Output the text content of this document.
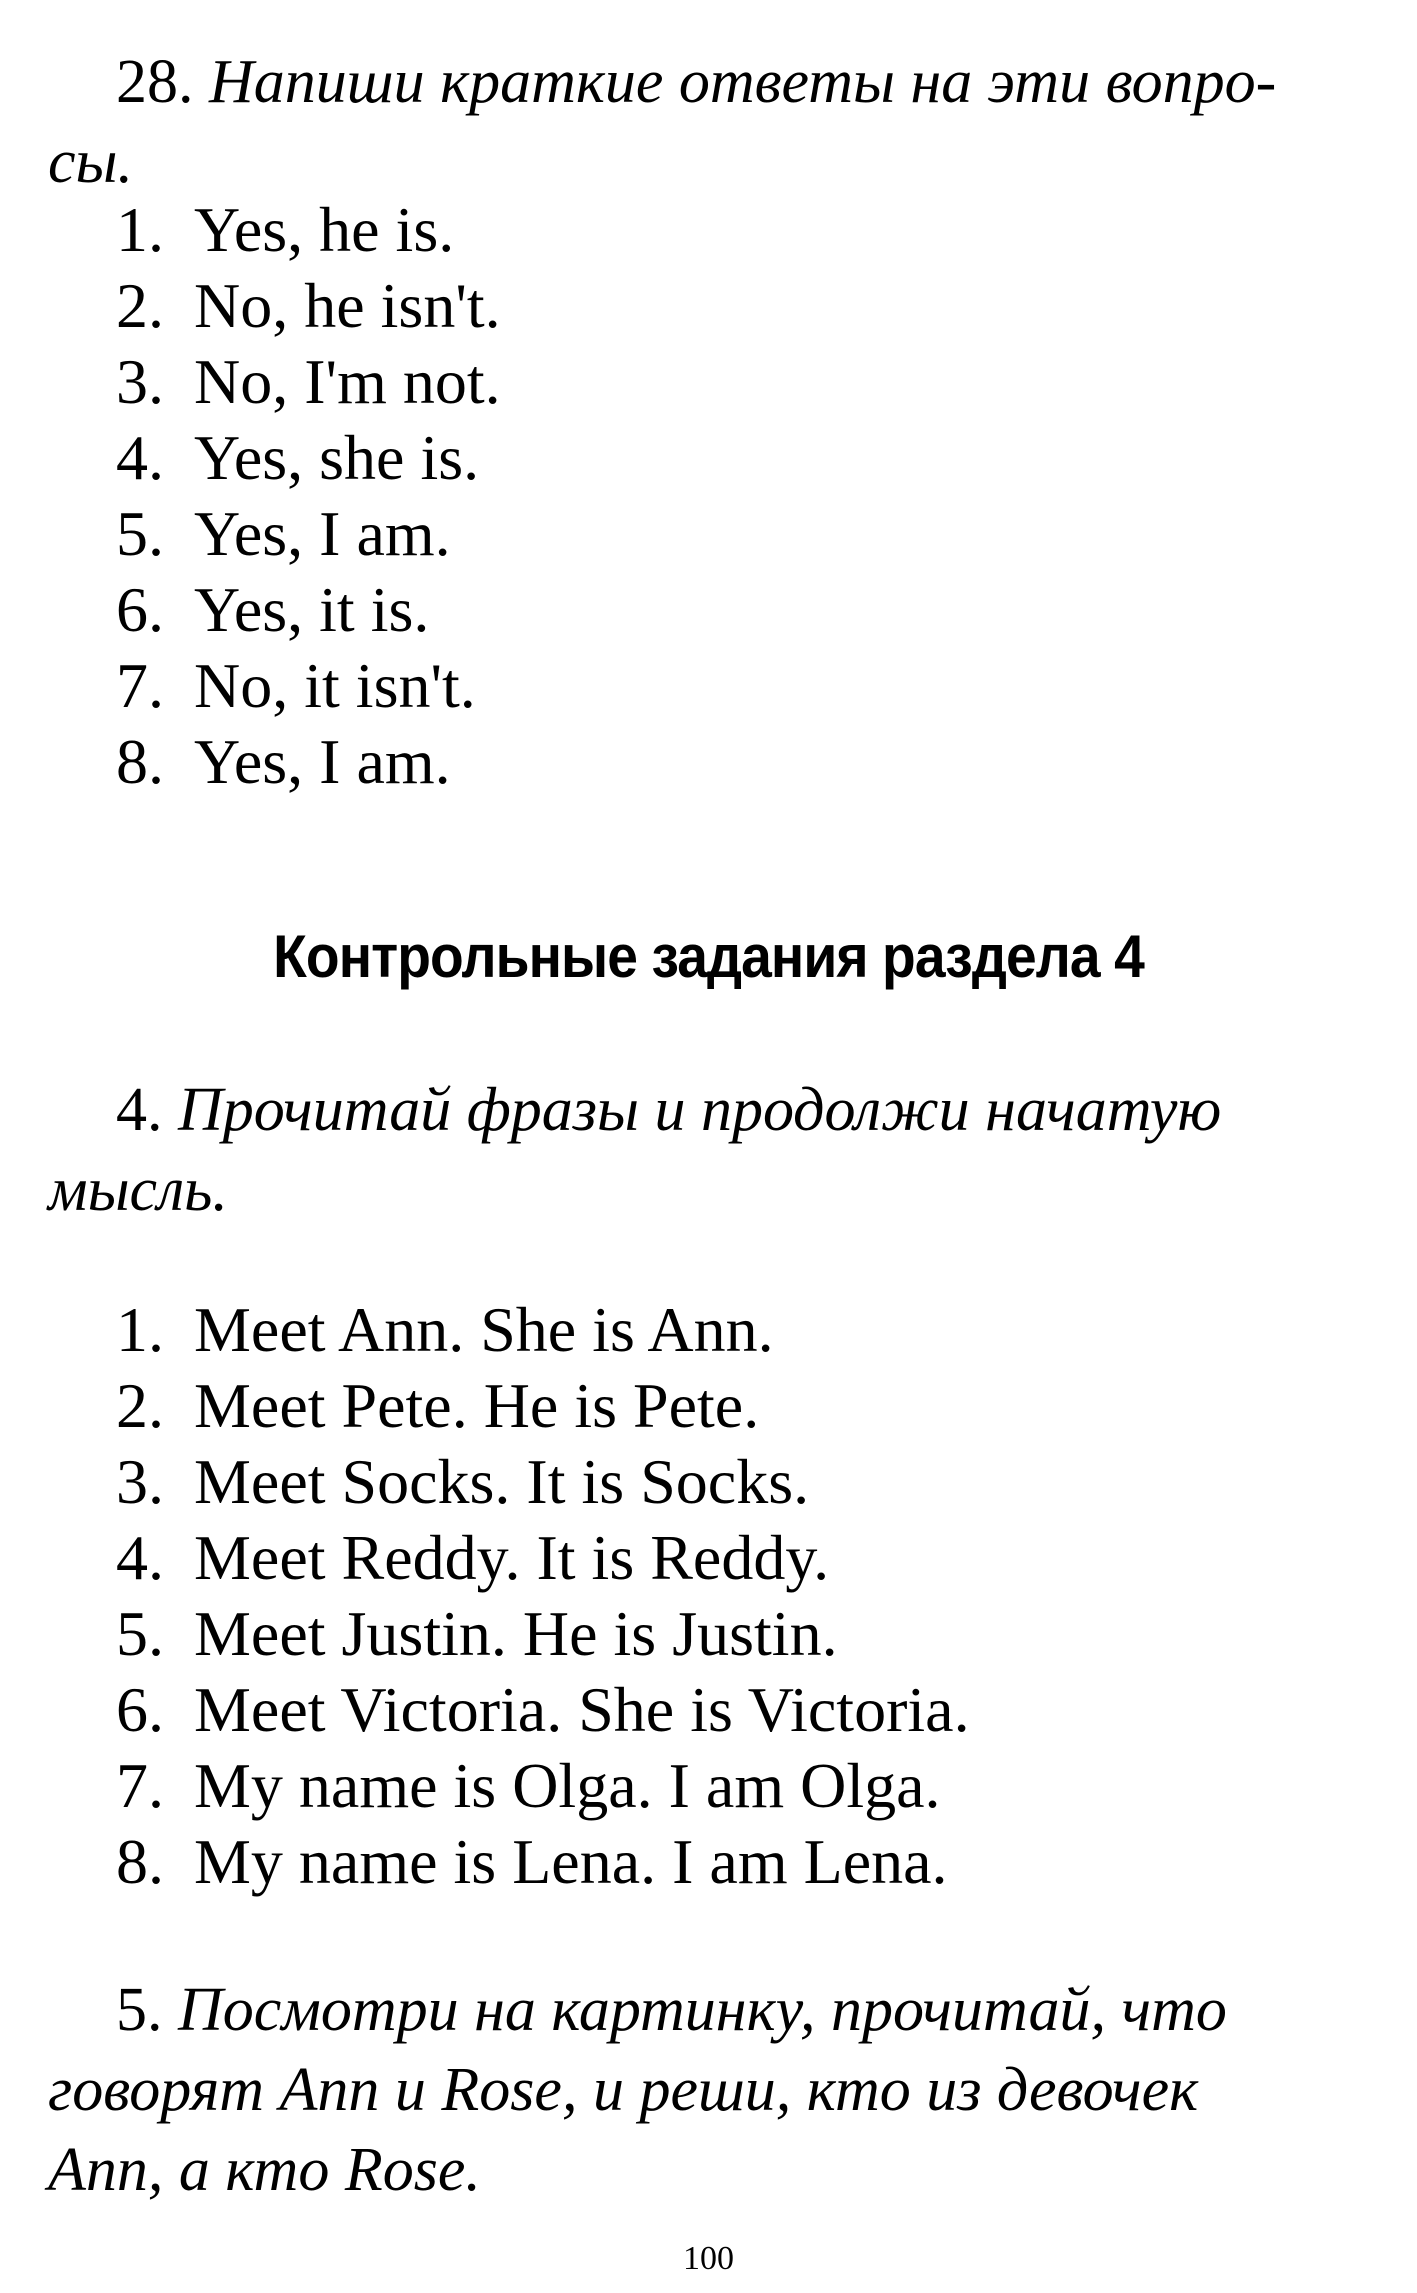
28. Напиши краткие ответы на эти вопро-
сы.
1. Yes, he is.
2. No, he isn't.
3. No, I'm not.
4. Yes, she is.
5. Yes, I am.
6. Yes, it is.
7. No, it isn't.
8. Yes, I am.
Контрольные задания раздела 4
4. Прочитай фразы и продолжи начатую
мысль.
1. Meet Ann. She is Ann.
2. Meet Pete. He is Pete.
3. Meet Socks. It is Socks.
4. Meet Reddy. It is Reddy.
5. Meet Justin. He is Justin.
6. Meet Victoria. She is Victoria.
7. My name is Olga. I am Olga.
8. My name is Lena. I am Lena.
5. Посмотри на картинку, прочитай, что
говорят Ann и Rose, и реши, кто из девочек
Ann, а кто Rose.
100
